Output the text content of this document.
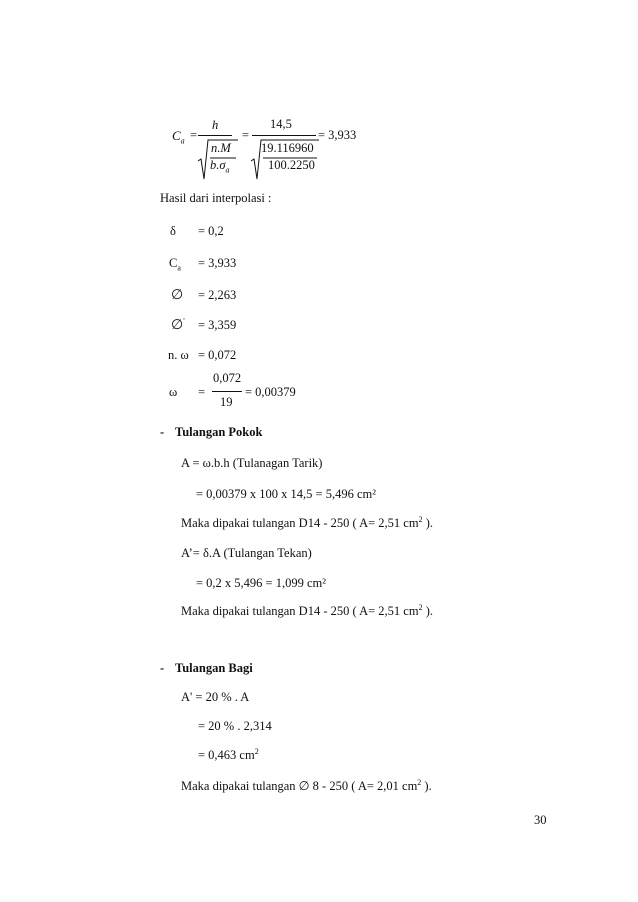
$C_a$ =
h
n.M
$b.\sigma_a$
=
14,5
19.116960
100.2250
= 3,933
Hasil dari interpolasi :
δ = 0,2
$C_a = 3,933$
∅ = 2,263
∅' = 3,359
n. ω = 0,072
ω =
0,072
19
= 0,00379
- Tulangan Pokok
A = ω.b.h (Tulanagan Tarik)
= 0,00379 x 100 x 14,5 = 5,496 cm²
Maka dipakai tulangan D14 - 250 ( A= 2,51 $cm^2$ ).
A’= δ.A (Tulangan Tekan)
= 0,2 x 5,496 = 1,099 cm²
Maka dipakai tulangan D14 - 250 ( A= 2,51 $cm^2$ ).
- Tulangan Bagi
A' = 20 % . A
= 20 % . 2,314
= 0,463 $cm^2$
Maka dipakai tulangan ∅ 8 - 250 ( A= 2,01 $cm^2$ ).
30
